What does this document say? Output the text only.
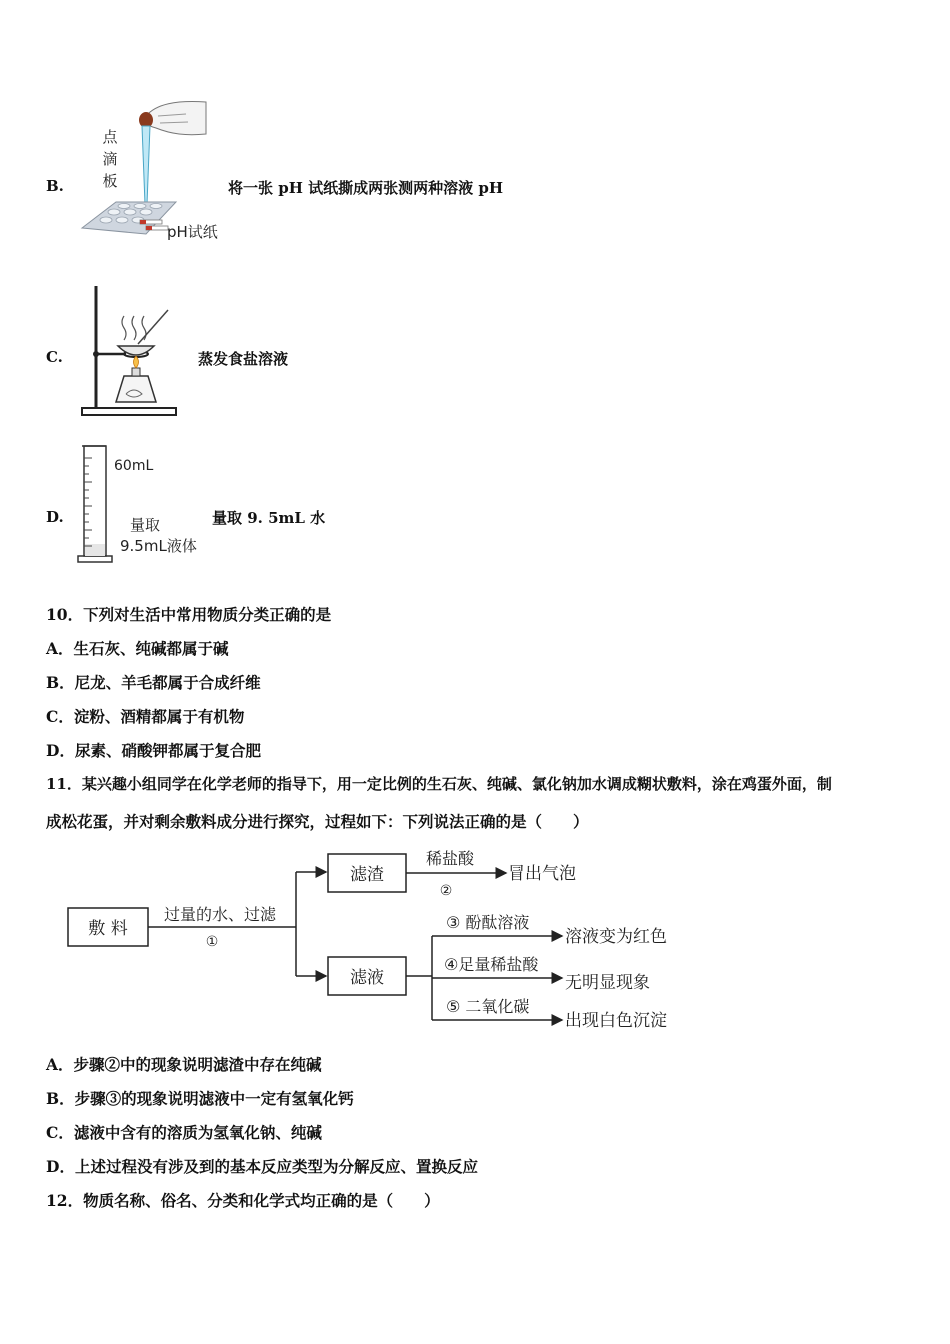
B.
点
滴
板
pH试纸
将一张 pH 试纸撕成两张测两种溶液 pH
C.	蒸发食盐溶液
D.
60mL
量取
9.5mL液体
量取 9. 5mL 水
10．下列对生活中常用物质分类正确的是
A．生石灰、纯碱都属于碱
B．尼龙、羊毛都属于合成纤维
C．淀粉、酒精都属于有机物
D．尿素、硝酸钾都属于复合肥
11．某兴趣小组同学在化学老师的指导下，用一定比例的生石灰、纯碱、氯化钠加水调成糊状敷料，涂在鸡蛋外面，制
成松花蛋，并对剩余敷料成分进行探究，过程如下：下列说法正确的是（　　）
敷 料
过量的水、过滤
①
滤渣
稀盐酸
②
冒出气泡
滤液
③ 酚酞溶液
溶液变为红色
④足量稀盐酸
无明显现象
⑤ 二氧化碳
出现白色沉淀
A．步骤②中的现象说明滤渣中存在纯碱
B．步骤③的现象说明滤液中一定有氢氧化钙
C．滤液中含有的溶质为氢氧化钠、纯碱
D．上述过程没有涉及到的基本反应类型为分解反应、置换反应
12．物质名称、俗名、分类和化学式均正确的是（　　）
